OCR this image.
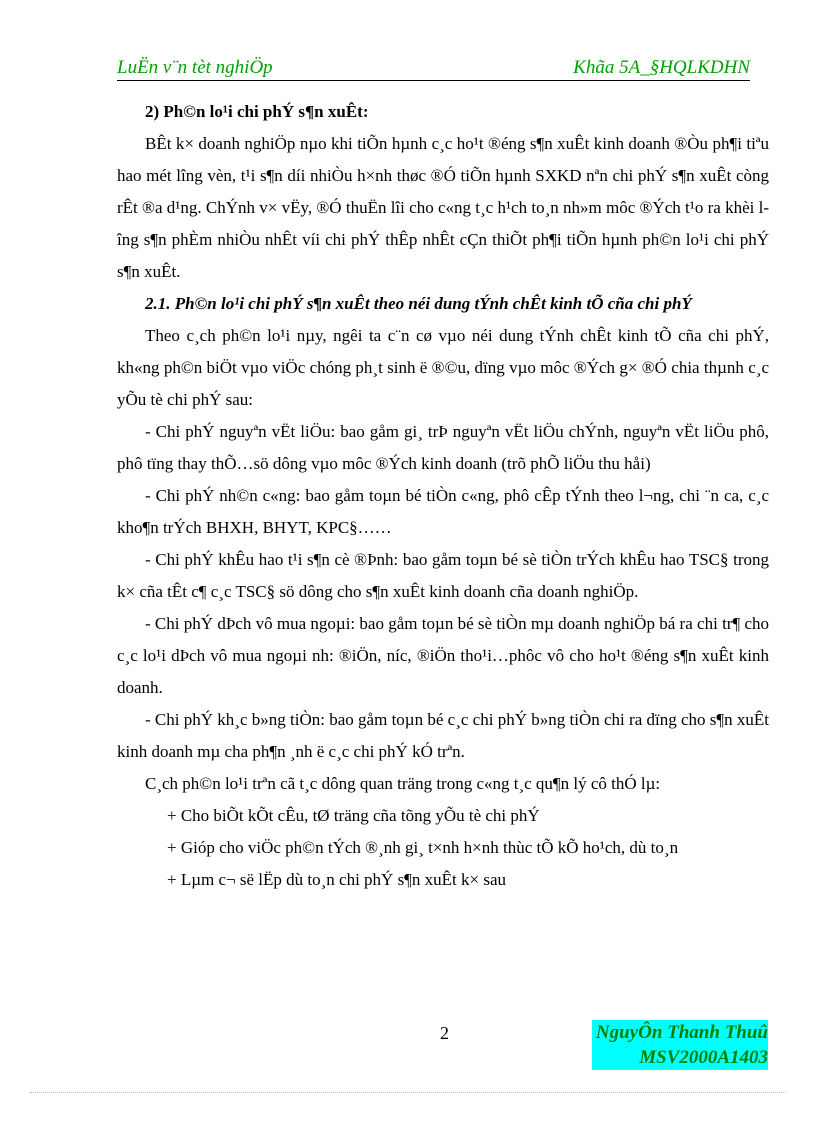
LuËn v¨n tèt nghiÖp	Khãa 5A_§HQLKDHN

2) Ph©n lo¹i chi phÝ s¶n xuÊt:

BÊt k× doanh nghiÖp nµo khi tiÕn hµnh c¸c ho¹t ®éng s¶n xuÊt kinh doanh ®Òu ph¶i tiªu hao mét lîng vèn, t¹i s¶n díi nhiÒu h×nh thøc ®Ó tiÕn hµnh SXKD nªn chi phÝ s¶n xuÊt còng rÊt ®a d¹ng. ChÝnh v× vËy, ®Ó thuËn lîi cho c«ng t¸c h¹ch to¸n nh»m môc ®Ých t¹o ra khèi lîng s¶n phÈm nhiÒu nhÊt víi chi phÝ thÊp nhÊt cÇn thiÕt ph¶i tiÕn hµnh ph©n lo¹i chi phÝ s¶n xuÊt.

2.1. Ph©n lo¹i chi phÝ s¶n xuÊt theo néi dung tÝnh chÊt kinh tÕ cña chi phÝ

Theo c¸ch ph©n lo¹i nµy, ngêi ta c¨n cø vµo néi dung tÝnh chÊt kinh tÕ cña chi phÝ, kh«ng ph©n biÖt vµo viÖc chóng ph¸t sinh ë ®©u, dïng vµo môc ®Ých g× ®Ó chia thµnh c¸c yÕu tè chi phÝ sau:

- Chi phÝ nguyªn vËt liÖu: bao gåm gi¸ trÞ nguyªn vËt liÖu chÝnh, nguyªn vËt liÖu phô, phô tïng thay thÕ…sö dông vµo môc ®Ých kinh doanh (trõ phÕ liÖu thu håi)

- Chi phÝ nh©n c«ng: bao gåm toµn bé tiÒn c«ng, phô cÊp tÝnh theo l¬ng, chi ¨n ca, c¸c kho¶n trÝch BHXH, BHYT, KPC§……

- Chi phÝ khÊu hao t¹i s¶n cè ®Þnh: bao gåm toµn bé sè tiÒn trÝch khÊu hao TSC§ trong k× cña tÊt c¶ c¸c TSC§ sö dông cho s¶n xuÊt kinh doanh cña doanh nghiÖp.

- Chi phÝ dÞch vô mua ngoµi: bao gåm toµn bé sè tiÒn mµ doanh nghiÖp bá ra chi tr¶ cho c¸c lo¹i dÞch vô mua ngoµi nh: ®iÖn, níc, ®iÖn tho¹i…phôc vô cho ho¹t ®éng s¶n xuÊt kinh doanh.

- Chi phÝ kh¸c b»ng tiÒn: bao gåm toµn bé c¸c chi phÝ b»ng tiÒn chi ra dïng cho s¶n xuÊt kinh doanh mµ cha ph¶n ¸nh ë c¸c chi phÝ kÓ trªn.

C¸ch ph©n lo¹i trªn cã t¸c dông quan träng trong c«ng t¸c qu¶n lý cô thÓ lµ:

+ Cho biÕt kÕt cÊu, tØ träng cña tõng yÕu tè chi phÝ

+ Gióp cho viÖc ph©n tÝch ®¸nh gi¸ t×nh h×nh thùc tÕ kÕ ho¹ch, dù to¸n

+ Lµm c¬ së lËp dù to¸n chi phÝ s¶n xuÊt k× sau

2	NguyÔn Thanh Thuû
MSV2000A1403
